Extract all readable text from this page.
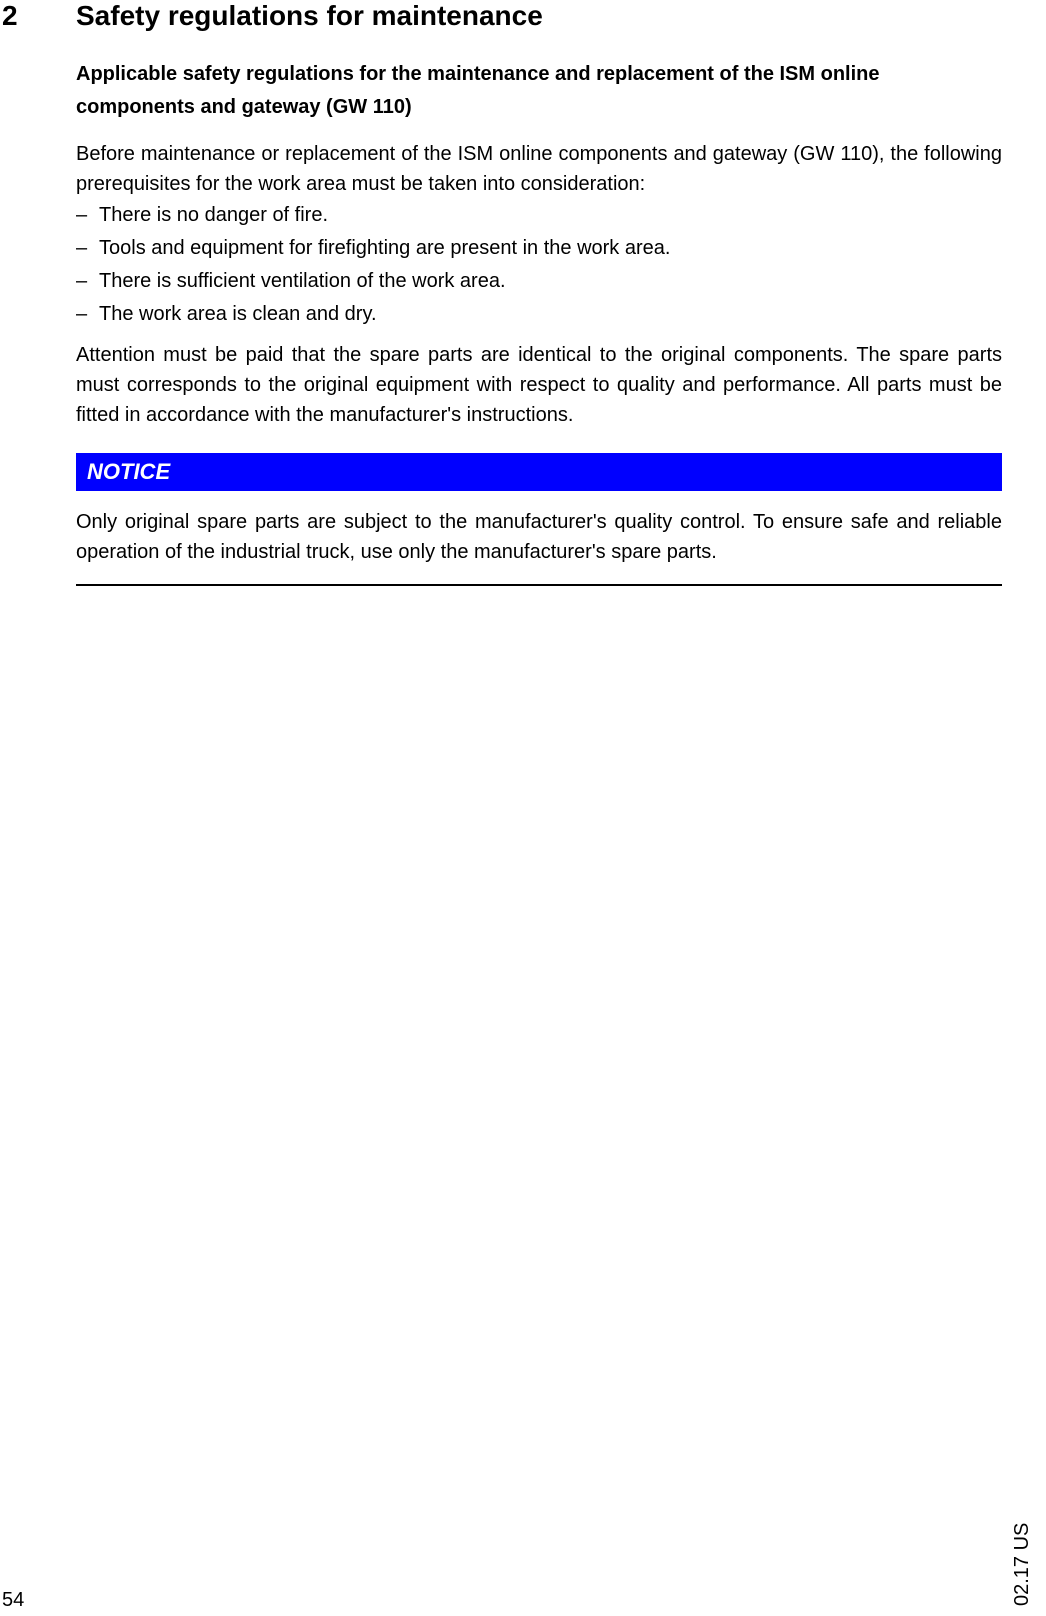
2	Safety regulations for maintenance

Applicable safety regulations for the maintenance and replacement of the ISM online components and gateway (GW 110)

Before maintenance or replacement of the ISM online components and gateway (GW 110), the following prerequisites for the work area must be taken into consideration:

– There is no danger of fire.
– Tools and equipment for firefighting are present in the work area.
– There is sufficient ventilation of the work area.
– The work area is clean and dry.

Attention must be paid that the spare parts are identical to the original components. The spare parts must corresponds to the original equipment with respect to quality and performance. All parts must be fitted in accordance with the manufacturer's instructions.

NOTICE

Only original spare parts are subject to the manufacturer's quality control. To ensure safe and reliable operation of the industrial truck, use only the manufacturer's spare parts.

54	02.17 US
